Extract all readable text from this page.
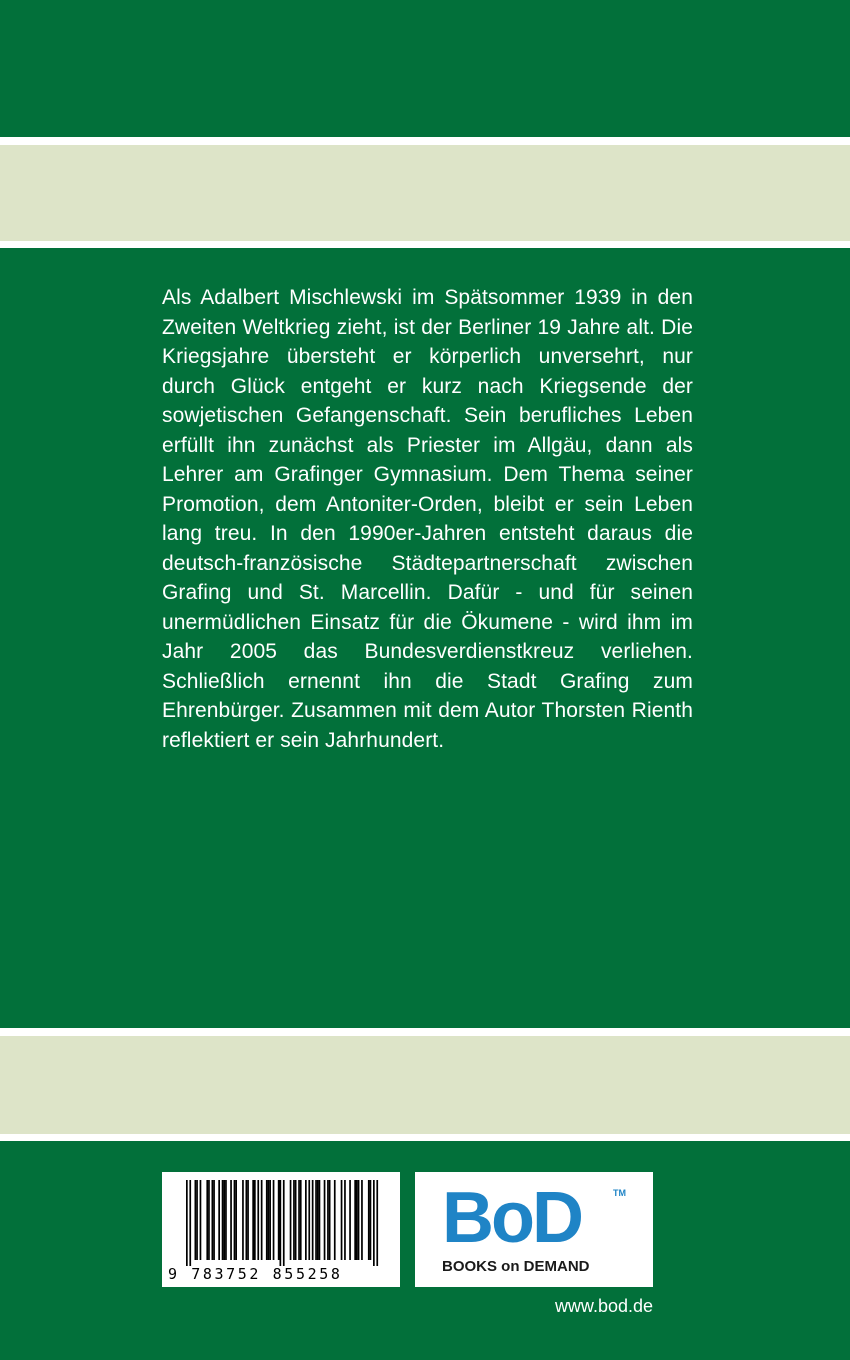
Als Adalbert Mischlewski im Spätsommer 1939 in den Zweiten Weltkrieg zieht, ist der Berliner 19 Jahre alt. Die Kriegsjahre übersteht er körperlich unversehrt, nur durch Glück entgeht er kurz nach Kriegsende der sowjetischen Gefangenschaft. Sein berufliches Leben erfüllt ihn zunächst als Priester im Allgäu, dann als Lehrer am Grafinger Gymnasium. Dem Thema seiner Promotion, dem Antoniter-Orden, bleibt er sein Leben lang treu. In den 1990er-Jahren entsteht daraus die deutsch-französische Städtepartnerschaft zwischen Grafing und St. Marcellin. Dafür - und für seinen unermüdlichen Einsatz für die Ökumene - wird ihm im Jahr 2005 das Bundesverdienstkreuz verliehen. Schließlich ernennt ihn die Stadt Grafing zum Ehrenbürger. Zusammen mit dem Autor Thorsten Rienth reflektiert er sein Jahrhundert.

9 783752 855258
BoD	TM
BOOKS on DEMAND
www.bod.de
